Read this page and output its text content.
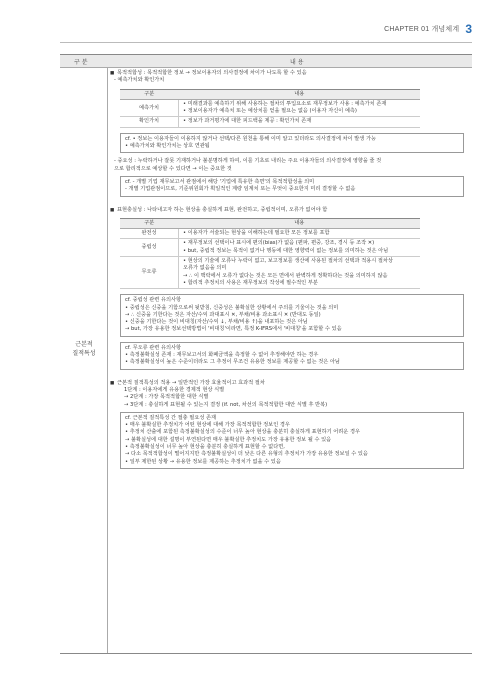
CHAPTER 01 개념체계 3
구 분	내 용
근본적
질적특성
■ 목적적합성 : 목적적합한 정보 → 정보이용자의 의사결정에 차이가 나도록 할 수 있음
- 예측가치와 확인가치
구분	내용
예측가치	• 미래결과를 예측하기 위해 사용하는 절차의 투입요소로 재무정보가 사용 : 예측가치 존재
• 정보이용자가 예측치 또는 예상치를 얻을 필요는 없음 (이용자 자신이 예측)

확인가치	• 정보가 과거평가에 대한 피드백을 제공 : 확인가치 존재
cf. • 정보는 이용자들이 이용하지 않거나 선택/다른 원천을 통해 이미 알고 있더라도 의사결정에 차이 발생 가능
• 예측가치와 확인가치는 상호 연관됨
- 중요성 : 누락하거나 잘못 기재하거나 불분명하게 하여, 이를 기초로 내리는 주요 이용자들의 의사결정에 영향을 줄 것
으로 합리적으로 예상할 수 있다면 → 이는 중요한 것
cf. - 개별 기업 재무보고서 관점에서 해당 '기업에 특유한 측면'의 목적적합성을 의미
- 개별 기업관점이므로, 기준위원회가 획일적인 계량 임계치 또는 무엇이 중요한지 미리 결정할 수 없음
■ 표현충실성 : 나타내고자 하는 현상을 충실하게 표현, 완전하고, 중립적이며, 오류가 없어야 함
구분	내용
완전성	• 이용자가 서술되는 현상을 이해하는데 필요한 모든 정보를 포함

중립성	• 재무정보의 선택이나 표시에 편의(bias)가 없음 (편파, 편중, 강조, 경시 등 조작 ✕)
• but, 중립적 정보는 목적이 없거나 행동에 대한 영향력이 없는 정보를 의미하는 것은 아님

무오류	• 현상의 기술에 오류나 누락이 없고, 보고정보를 생산에 사용된 절차의 선택과 적용시 절차상
오류가 없음을 의미
→ ∴ 이 맥락에서 오류가 없다는 것은 모든 면에서 완벽하게 정확하다는 것을 의미하지 않음
• 합리적 추정치의 사용은 재무정보의 작성에 필수적인 부분
cf. 중립성 관련 유의사항
• 중립성은 신중을 기함으로써 뒷받침, 신중성은 불확실한 상황에서 주의를 기울이는 것을 의미
→ ∴ 신중을 기한다는 것은 자산/수익 과대표시 ✕, 부채/비용 과소표시 ✕ (반대도 동일)
• 신중을 기한다는 것이 비대칭(자산/수익 ↓, 부채/비용 ↑)을 내포하는 것은 아님
→ but, 가장 유용한 정보선택방법이 '비대칭'이라면, 특정 K-IFRS에서 '비대칭'을 포함할 수 있음
cf. 무오류 관련 유의사항
• 측정불확실성 존재 : 재무보고서의 화폐금액을 측정할 수 없어 추정해야만 하는 경우
• 측정불확실성이 높은 수준이더라도 그 추정이 무조건 유용한 정보를 제공할 수 없는 것은 아님
■ 근본적 질적특성의 적용 → 일반적인 가장 효율적이고 효과적 절차
1단계 : 이용자에게 유용한 경제적 현상 식별
→ 2단계 : 가장 목적적합한 대한 식별
→ 3단계 : 충실하게 표현될 수 있는지 결정 (if. not, 차선의 목적적합한 대안 식별 후 반복)
cf. 근본적 질적특성 간 절충 필요성 존재
• 매우 불확실한 추정치가 어떤 현상에 대해 가장 목적적합한 정보인 경우
• 추정치 산출에 포함된 측정불확실성의 수준이 너무 높아 현상을 충분히 충실하게 표현하기 어려운 경우
→ 불확실성에 대한 설명이 부연된다면 매우 불확실한 추정치도 가장 유용한 정보 될 수 있음
• 측정불확실성이 너무 높아 현상을 충분히 충실하게 표현할 수 없다면,
→ 다소 목적적합성이 떨어지지만 측정불확실성이 더 낮은 다른 유형의 추정치가 가장 유용한 정보일 수 있음
• 일부 제한된 상황 → 유용한 정보를 제공하는 추정치가 없을 수 있음
